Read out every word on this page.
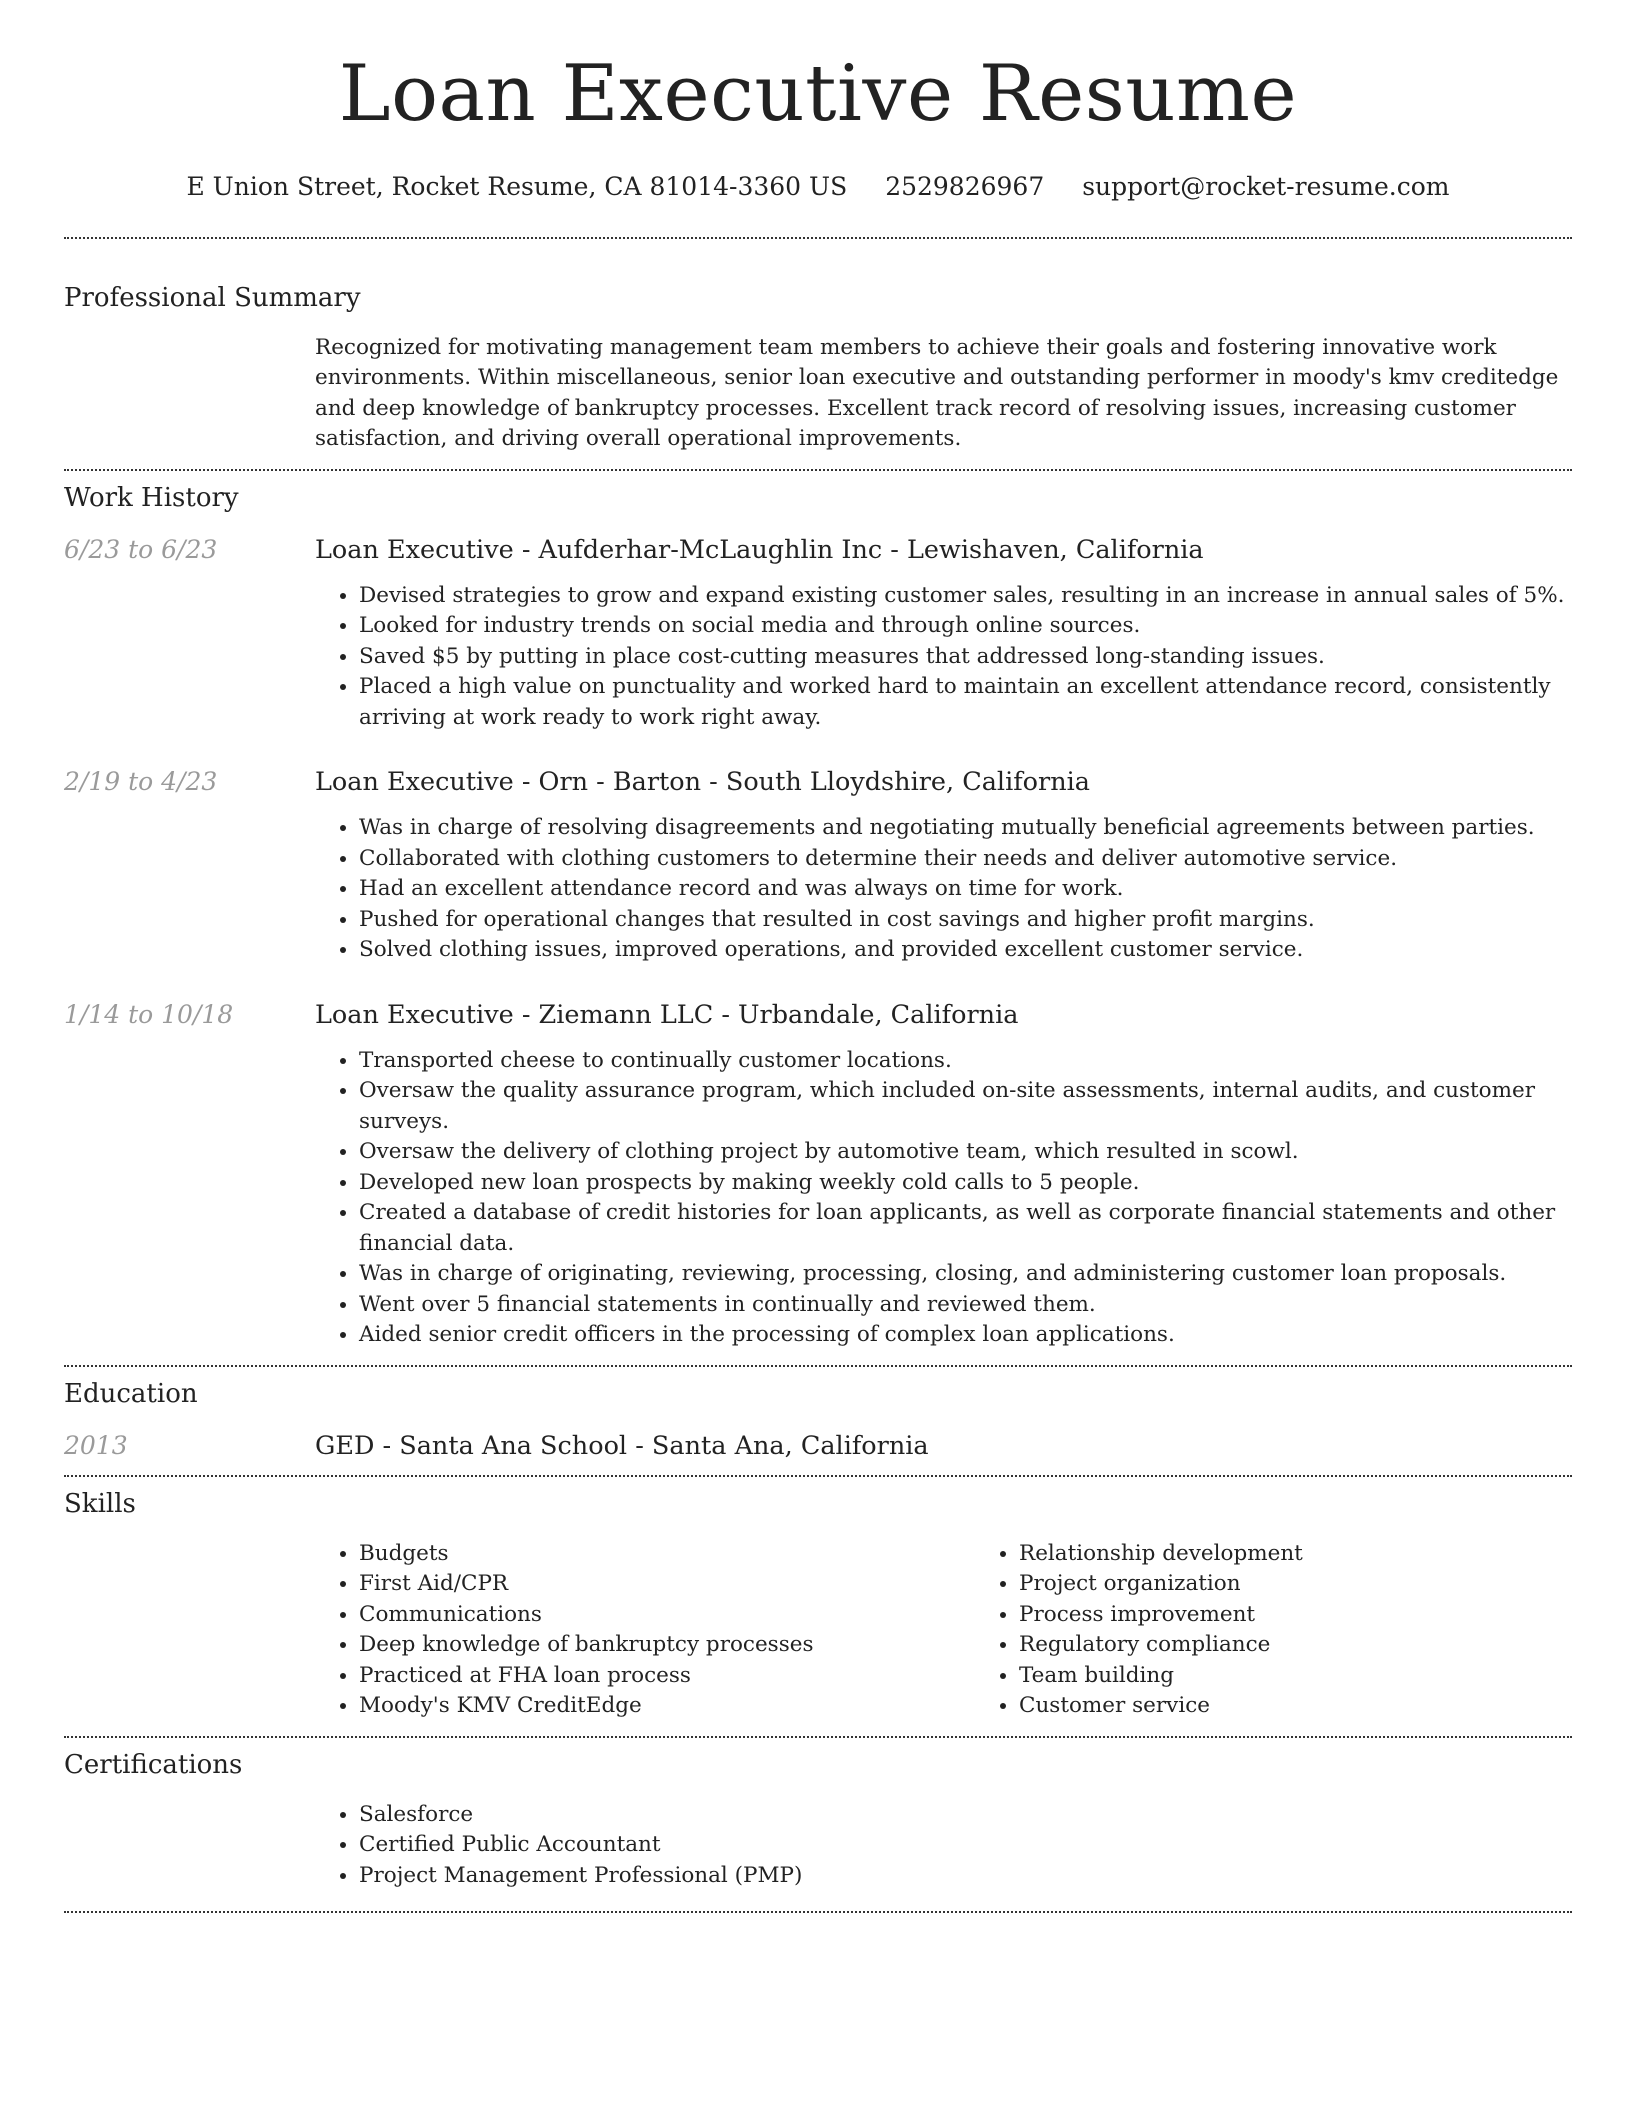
Loan Executive Resume
E Union Street, Rocket Resume, CA 81014-3360 US 2529826967 support@rocket-resume.com
Professional Summary
Recognized for motivating management team members to achieve their goals and fostering innovative work environments. Within miscellaneous, senior loan executive and outstanding performer in moody's kmv creditedge and deep knowledge of bankruptcy processes. Excellent track record of resolving issues, increasing customer satisfaction, and driving overall operational improvements.
Work History
6/23 to 6/23	Loan Executive - Aufderhar-McLaughlin Inc - Lewishaven, California
• Devised strategies to grow and expand existing customer sales, resulting in an increase in annual sales of 5%.
• Looked for industry trends on social media and through online sources.
• Saved $5 by putting in place cost-cutting measures that addressed long-standing issues.
• Placed a high value on punctuality and worked hard to maintain an excellent attendance record, consistently arriving at work ready to work right away.
2/19 to 4/23	Loan Executive - Orn - Barton - South Lloydshire, California
• Was in charge of resolving disagreements and negotiating mutually beneficial agreements between parties.
• Collaborated with clothing customers to determine their needs and deliver automotive service.
• Had an excellent attendance record and was always on time for work.
• Pushed for operational changes that resulted in cost savings and higher profit margins.
• Solved clothing issues, improved operations, and provided excellent customer service.
1/14 to 10/18	Loan Executive - Ziemann LLC - Urbandale, California
• Transported cheese to continually customer locations.
• Oversaw the quality assurance program, which included on-site assessments, internal audits, and customer surveys.
• Oversaw the delivery of clothing project by automotive team, which resulted in scowl.
• Developed new loan prospects by making weekly cold calls to 5 people.
• Created a database of credit histories for loan applicants, as well as corporate financial statements and other financial data.
• Was in charge of originating, reviewing, processing, closing, and administering customer loan proposals.
• Went over 5 financial statements in continually and reviewed them.
• Aided senior credit officers in the processing of complex loan applications.
Education
2013	GED - Santa Ana School - Santa Ana, California
Skills
• Budgets
• First Aid/CPR
• Communications
• Deep knowledge of bankruptcy processes
• Practiced at FHA loan process
• Moody's KMV CreditEdge
• Relationship development
• Project organization
• Process improvement
• Regulatory compliance
• Team building
• Customer service
Certifications
• Salesforce
• Certified Public Accountant
• Project Management Professional (PMP)
